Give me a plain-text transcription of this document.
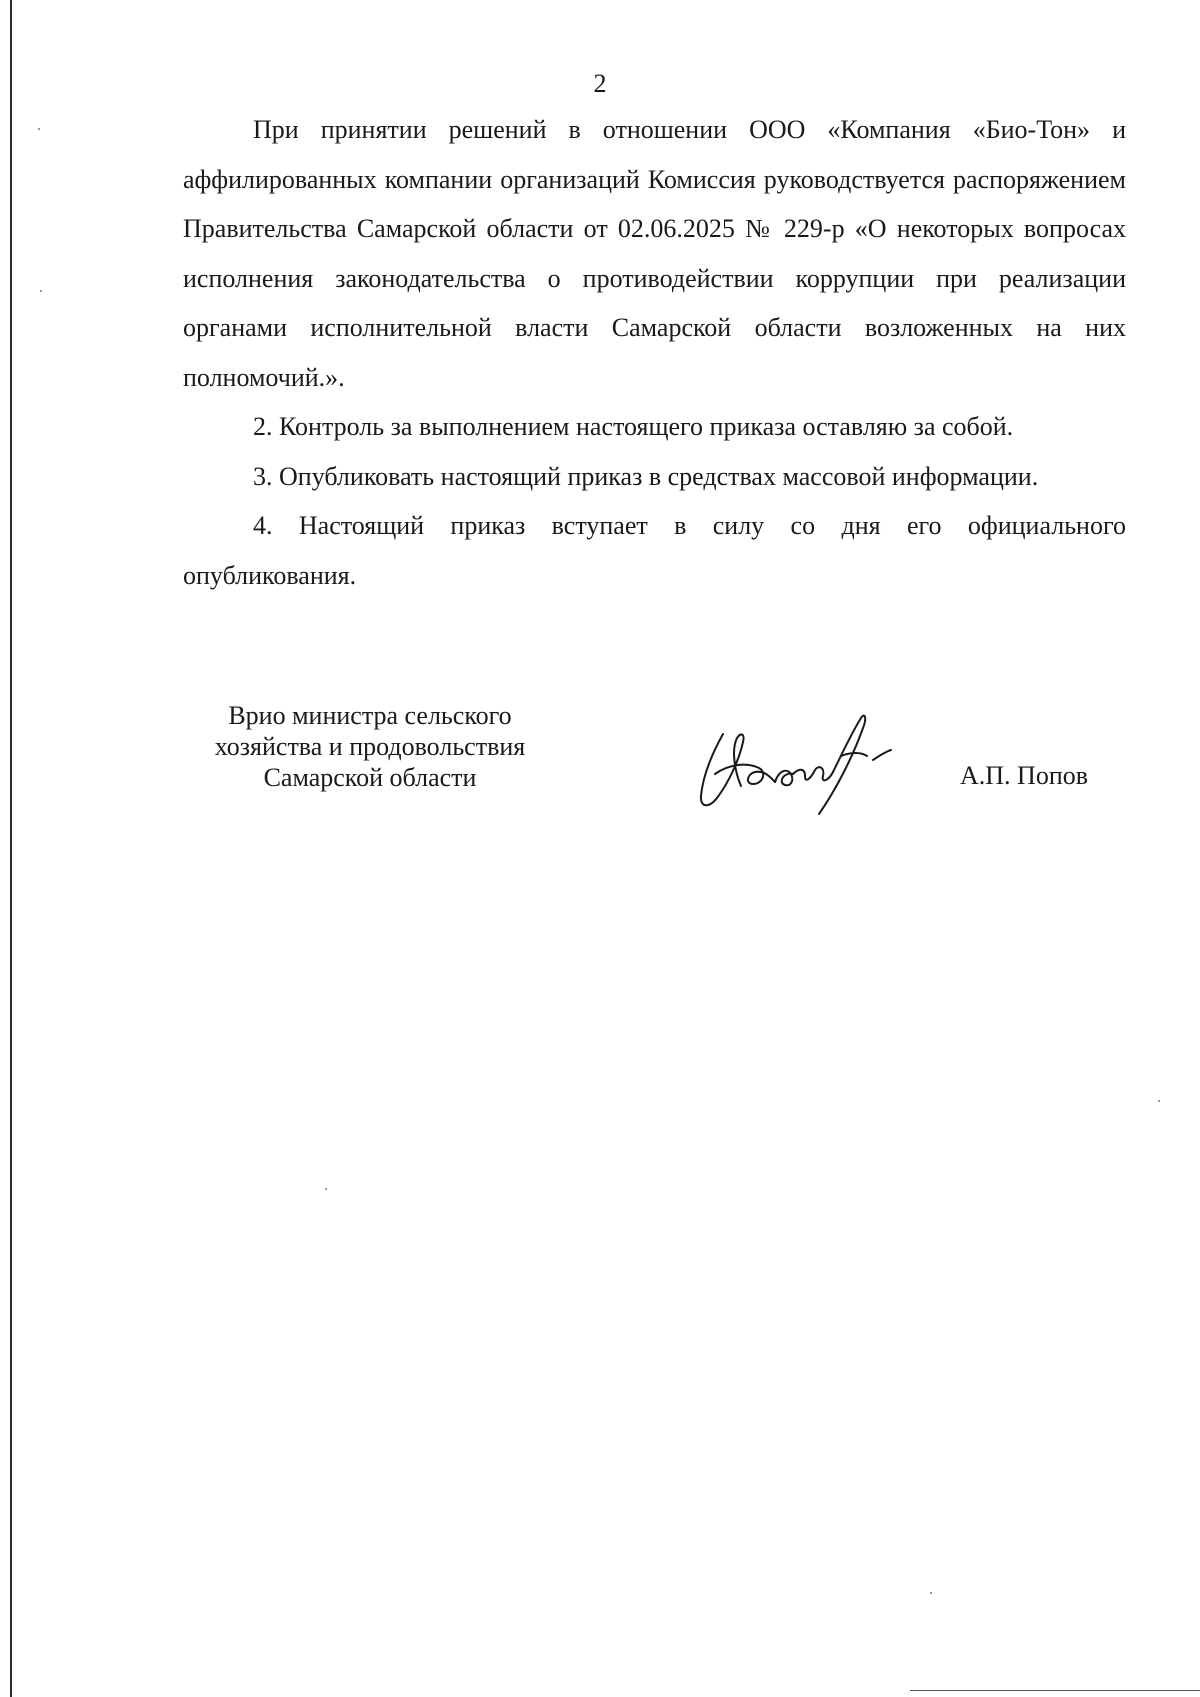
2

При принятии решений в отношении ООО «Компания «Био-Тон» и аффилированных компании организаций Комиссия руководствуется распоряжением Правительства Самарской области от 02.06.2025 № 229-р «О некоторых вопросах исполнения законодательства о противодействии коррупции при реализации органами исполнительной власти Самарской области возложенных на них полномочий.».

2. Контроль за выполнением настоящего приказа оставляю за собой.

3. Опубликовать настоящий приказ в средствах массовой информации.

4. Настоящий приказ вступает в силу со дня его официального опубликования.

Врио министра сельского
хозяйства и продовольствия
Самарской области	А.П. Попов
